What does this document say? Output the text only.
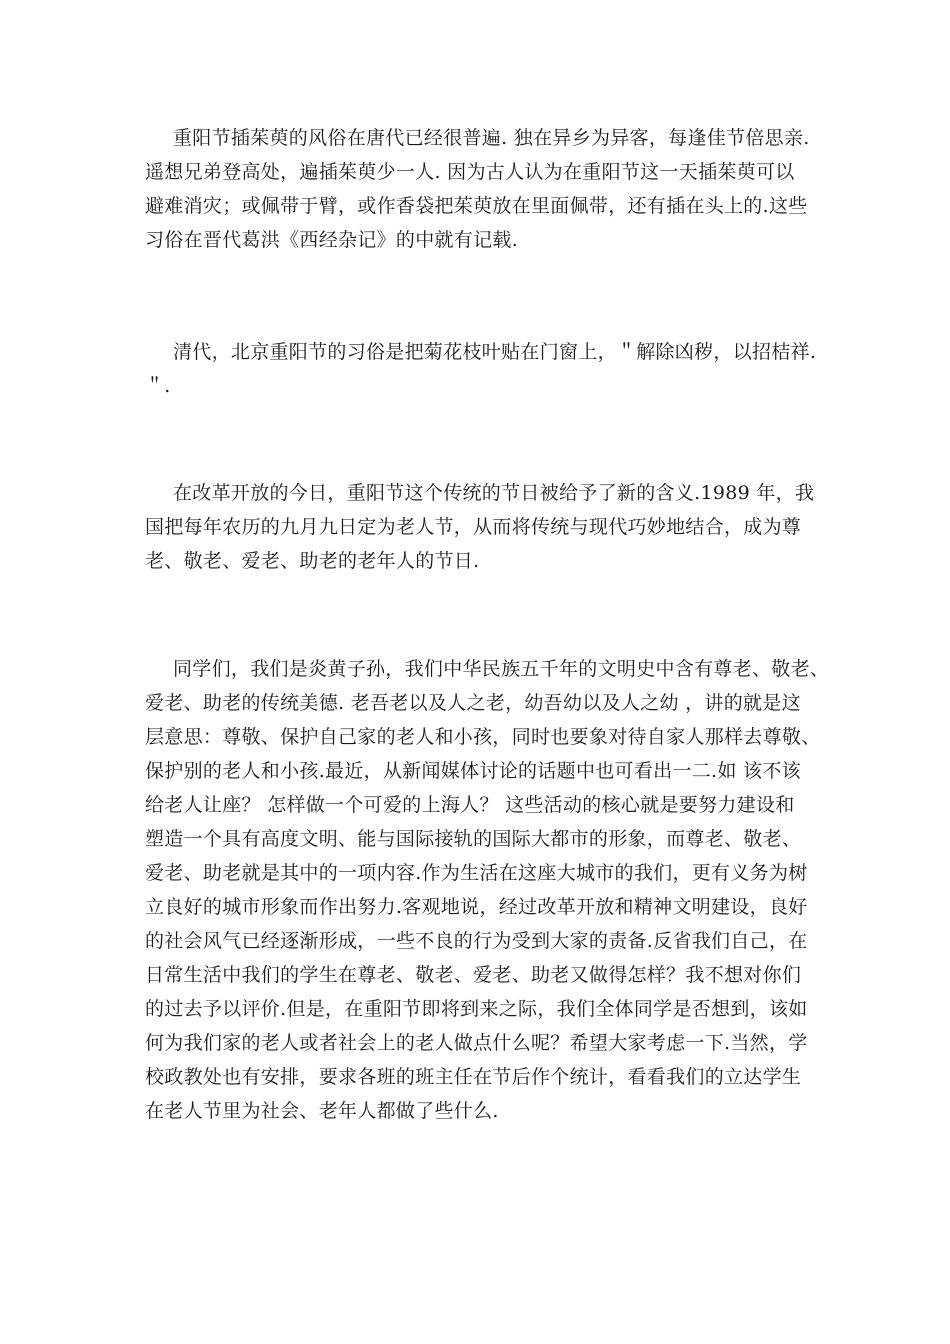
重阳节插茱萸的风俗在唐代已经很普遍. 独在异乡为异客，每逢佳节倍思亲.
遥想兄弟登高处，遍插茱萸少一人. 因为古人认为在重阳节这一天插茱萸可以
避难消灾；或佩带于臂，或作香袋把茱萸放在里面佩带，还有插在头上的.这些
习俗在晋代葛洪《西经杂记》的中就有记载.
清代，北京重阳节的习俗是把菊花枝叶贴在门窗上，＂解除凶秽，以招桔祥.
＂.
在改革开放的今日，重阳节这个传统的节日被给予了新的含义.1989 年，我
国把每年农历的九月九日定为老人节，从而将传统与现代巧妙地结合，成为尊
老、敬老、爱老、助老的老年人的节日.
同学们，我们是炎黄子孙，我们中华民族五千年的文明史中含有尊老、敬老、
爱老、助老的传统美德. 老吾老以及人之老，幼吾幼以及人之幼 ，讲的就是这
层意思：尊敬、保护自己家的老人和小孩，同时也要象对待自家人那样去尊敬、
保护别的老人和小孩.最近，从新闻媒体讨论的话题中也可看出一二.如 该不该
给老人让座？ 怎样做一个可爱的上海人？ 这些活动的核心就是要努力建设和
塑造一个具有高度文明、能与国际接轨的国际大都市的形象，而尊老、敬老、
爱老、助老就是其中的一项内容.作为生活在这座大城市的我们，更有义务为树
立良好的城市形象而作出努力.客观地说，经过改革开放和精神文明建设，良好
的社会风气已经逐渐形成，一些不良的行为受到大家的责备.反省我们自己，在
日常生活中我们的学生在尊老、敬老、爱老、助老又做得怎样？我不想对你们
的过去予以评价.但是，在重阳节即将到来之际，我们全体同学是否想到，该如
何为我们家的老人或者社会上的老人做点什么呢？希望大家考虑一下.当然，学
校政教处也有安排，要求各班的班主任在节后作个统计，看看我们的立达学生
在老人节里为社会、老年人都做了些什么.
